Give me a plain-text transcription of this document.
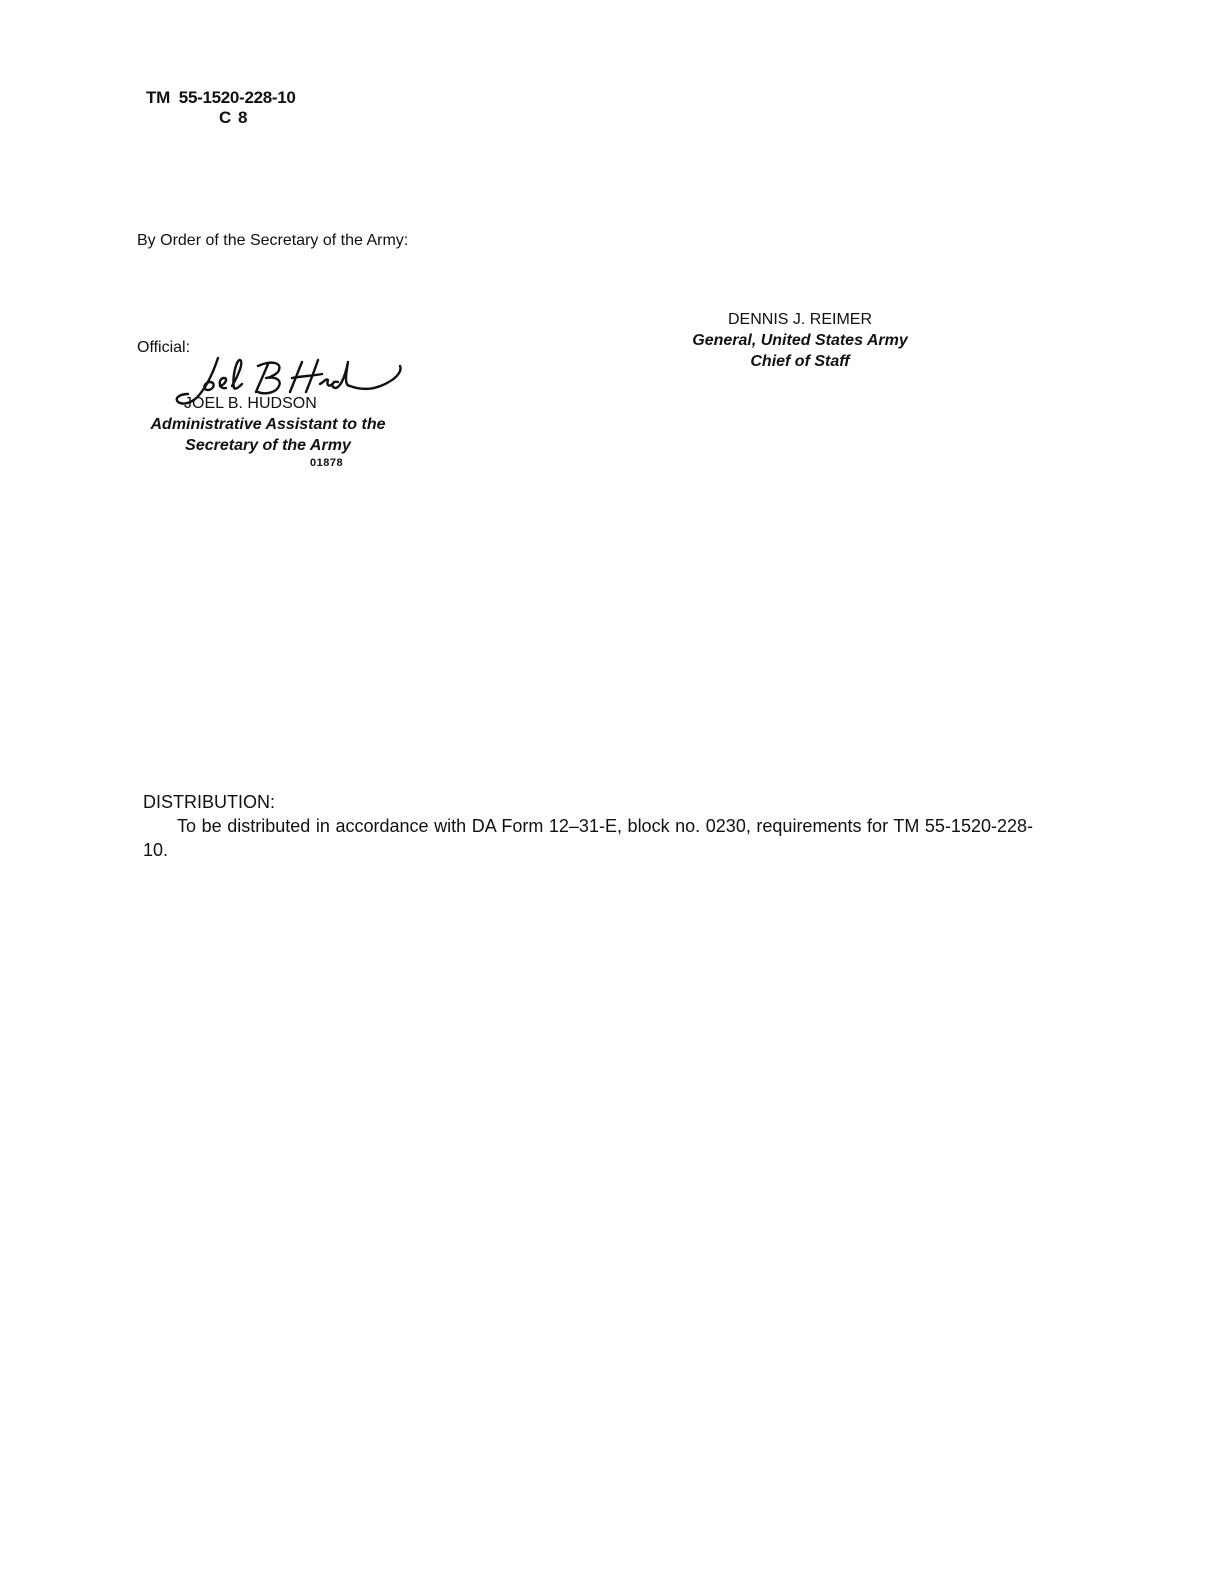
TM  55-1520-228-10
C 8
By Order of the Secretary of the Army:
DENNIS J. REIMER
General, United States Army
Chief of Staff
Official:
JOEL B. HUDSON
Administrative Assistant to the
Secretary of the Army
01878
DISTRIBUTION:
To be distributed in accordance with DA Form 12–31-E, block no. 0230, requirements for TM 55-1520-228-10.
